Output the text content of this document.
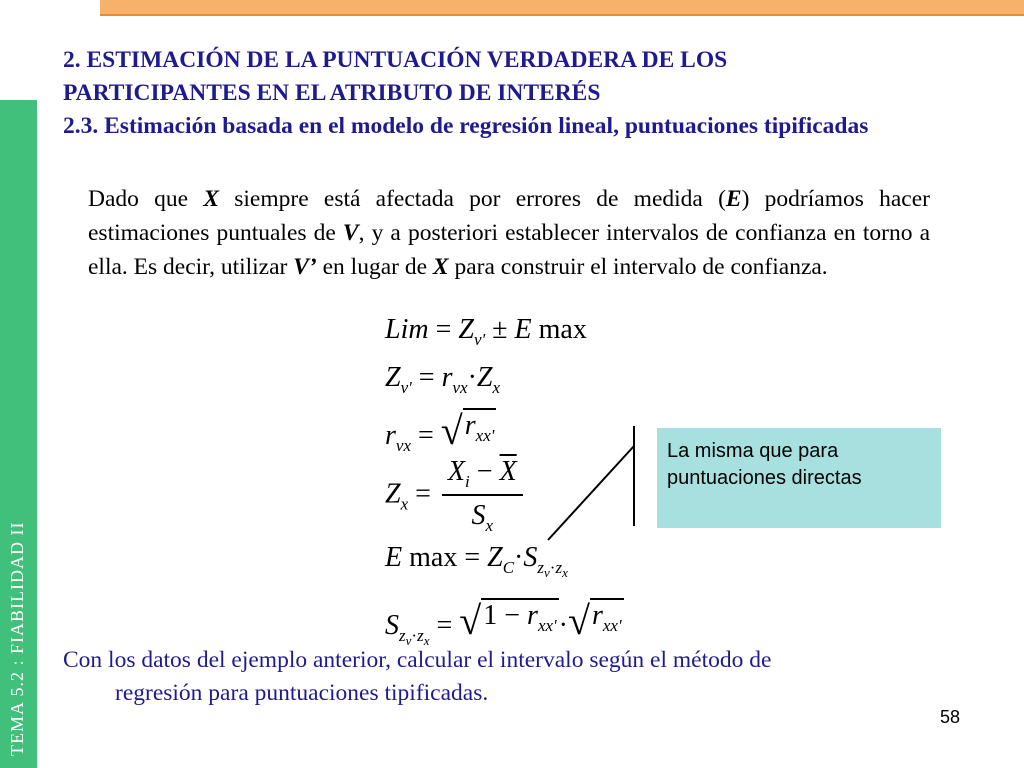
TEMA 5.2 : FIABILIDAD II
2. ESTIMACIÓN DE LA PUNTUACIÓN VERDADERA DE LOS
PARTICIPANTES EN EL ATRIBUTO DE INTERÉS
2.3. Estimación basada en el modelo de regresión lineal, puntuaciones tipificadas
Dado que X siempre está afectada por errores de medida (E) podríamos hacer estimaciones puntuales de V, y a posteriori establecer intervalos de confianza en torno a ella. Es decir, utilizar V’ en lugar de X para construir el intervalo de confianza.
Lim = $Z_{v'} \pm E$ max
$Z_{v'} = r_{vx}\cdot Z_x$
$r_{vx}$ = √ $r_{xx'}$
$Z_x = \frac{X_i - \overline{X}}{S_x}$
E $\max = Z_C\cdot S_{z_v\cdot z_x}$
$S_{z_v\cdot z_x}$ = √ $1 - r_{xx'}$ · √ $r_{xx'}$
La misma que para puntuaciones directas
Con los datos del ejemplo anterior, calcular el intervalo según el método de
regresión para puntuaciones tipificadas.
58
